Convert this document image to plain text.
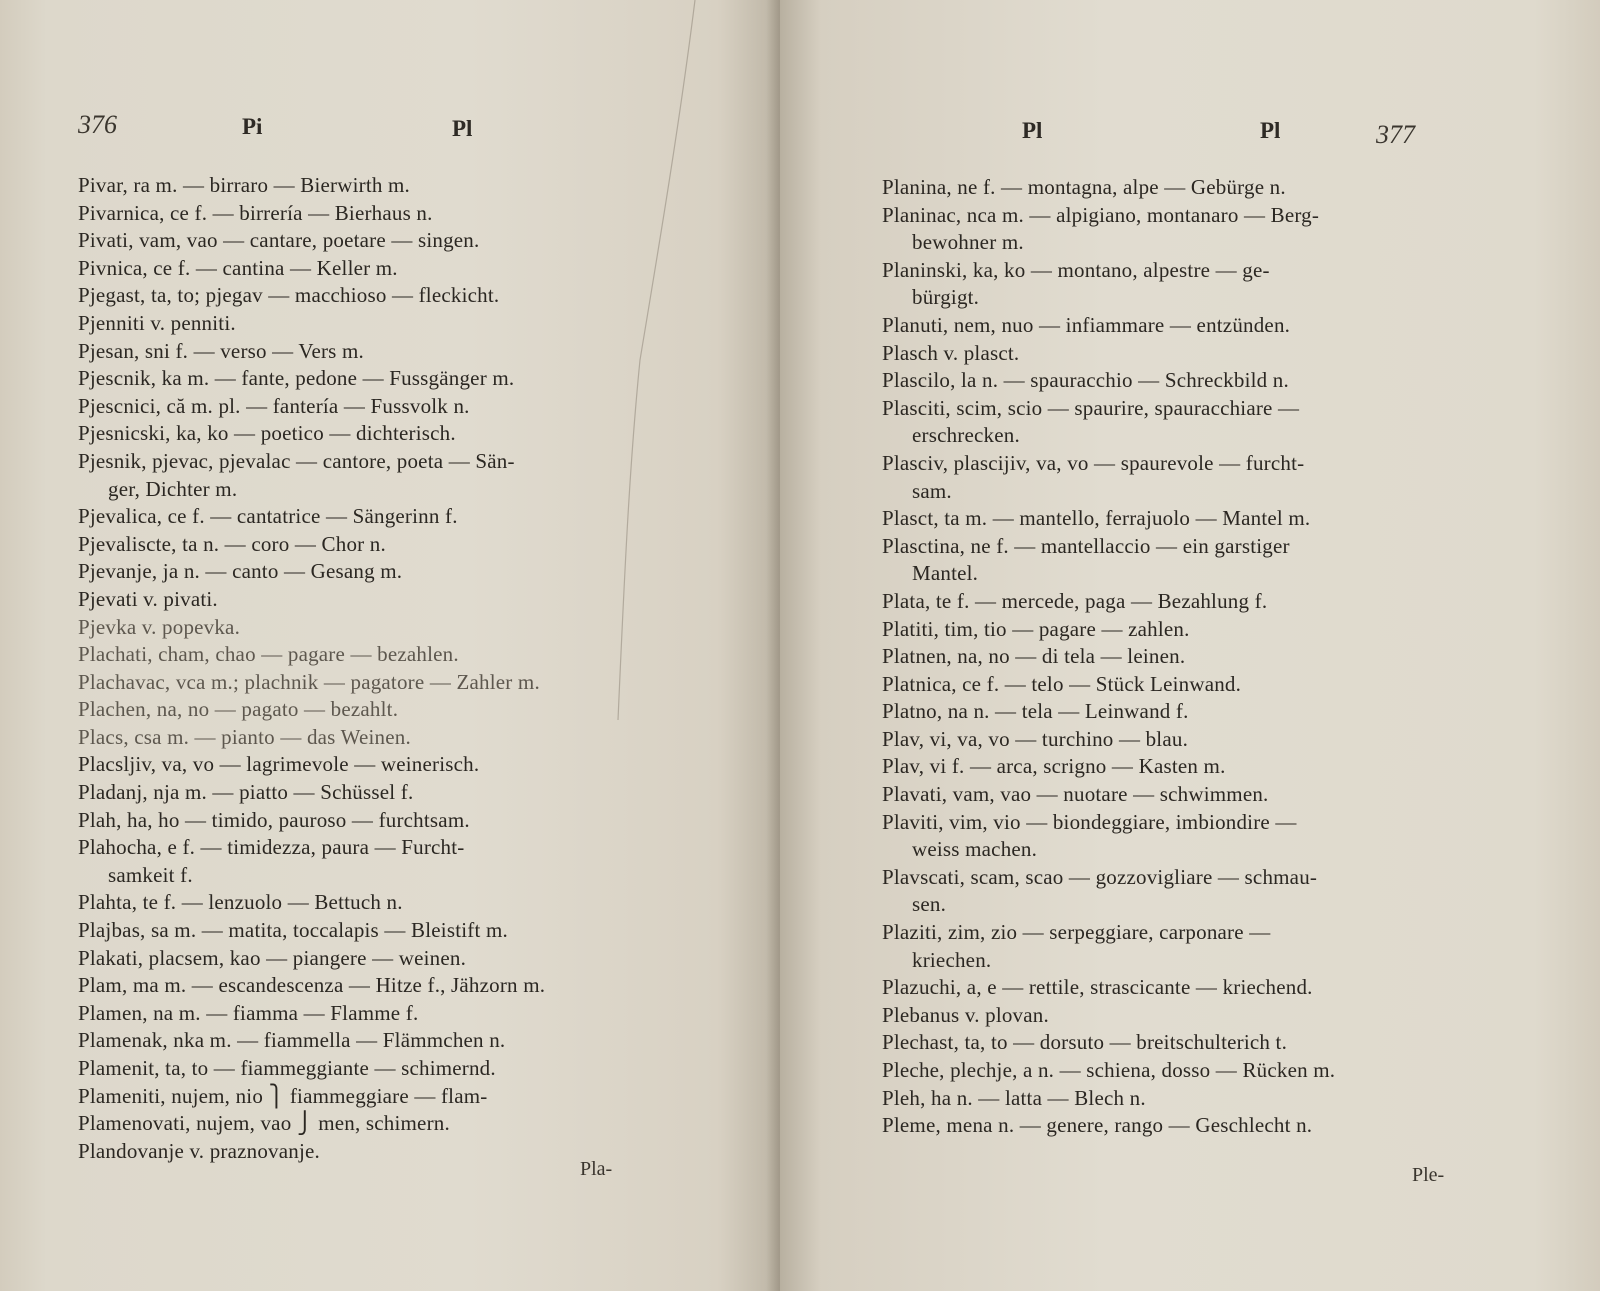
376	Pi	Pl
Pivar, ra m. — birraro — Bierwirth m.
Pivarnica, ce f. — birrería — Bierhaus n.
Pivati, vam, vao — cantare, poetare — singen.
Pivnica, ce f. — cantina — Keller m.
Pjegast, ta, to; pjegav — macchioso — fleckicht.
Pjenniti v. penniti.
Pjesan, sni f. — verso — Vers m.
Pjescnik, ka m. — fante, pedone — Fussgänger m.
Pjescnici, că m. pl. — fantería — Fussvolk n.
Pjesnicski, ka, ko — poetico — dichterisch.
Pjesnik, pjevac, pjevalac — cantore, poeta — Sän-
ger, Dichter m.
Pjevalica, ce f. — cantatrice — Sängerinn f.
Pjevaliscte, ta n. — coro — Chor n.
Pjevanje, ja n. — canto — Gesang m.
Pjevati v. pivati.
Pjevka v. popevka.
Plachati, cham, chao — pagare — bezahlen.
Plachavac, vca m.; plachnik — pagatore — Zahler m.
Plachen, na, no — pagato — bezahlt.
Placs, csa m. — pianto — das Weinen.
Placsljiv, va, vo — lagrimevole — weinerisch.
Pladanj, nja m. — piatto — Schüssel f.
Plah, ha, ho — timido, pauroso — furchtsam.
Plahocha, e f. — timidezza, paura — Furcht-
samkeit f.
Plahta, te f. — lenzuolo — Bettuch n.
Plajbas, sa m. — matita, toccalapis — Bleistift m.
Plakati, placsem, kao — piangere — weinen.
Plam, ma m. — escandescenza — Hitze f., Jähzorn m.
Plamen, na m. — fiamma — Flamme f.
Plamenak, nka m. — fiammella — Flämmchen n.
Plamenit, ta, to — fiammeggiante — schimernd.
Plameniti, nujem, nio ⎫ fiammeggiare — flam-
Plamenovati, nujem, vao ⎭ men, schimern.
Plandovanje v. praznovanje.
Pla-
Pl	Pl	377
Planina, ne f. — montagna, alpe — Gebürge n.
Planinac, nca m. — alpigiano, montanaro — Berg-
bewohner m.
Planinski, ka, ko — montano, alpestre — ge-
bürgigt.
Planuti, nem, nuo — infiammare — entzünden.
Plasch v. plasct.
Plascilo, la n. — spauracchio — Schreckbild n.
Plasciti, scim, scio — spaurire, spauracchiare —
erschrecken.
Plasciv, plascijiv, va, vo — spaurevole — furcht-
sam.
Plasct, ta m. — mantello, ferrajuolo — Mantel m.
Plasctina, ne f. — mantellaccio — ein garstiger
Mantel.
Plata, te f. — mercede, paga — Bezahlung f.
Platiti, tim, tio — pagare — zahlen.
Platnen, na, no — di tela — leinen.
Platnica, ce f. — telo — Stück Leinwand.
Platno, na n. — tela — Leinwand f.
Plav, vi, va, vo — turchino — blau.
Plav, vi f. — arca, scrigno — Kasten m.
Plavati, vam, vao — nuotare — schwimmen.
Plaviti, vim, vio — biondeggiare, imbiondire —
weiss machen.
Plavscati, scam, scao — gozzovigliare — schmau-
sen.
Plaziti, zim, zio — serpeggiare, carponare —
kriechen.
Plazuchi, a, e — rettile, strascicante — kriechend.
Plebanus v. plovan.
Plechast, ta, to — dorsuto — breitschulterich t.
Pleche, plechje, a n. — schiena, dosso — Rücken m.
Pleh, ha n. — latta — Blech n.
Pleme, mena n. — genere, rango — Geschlecht n.
Ple-
